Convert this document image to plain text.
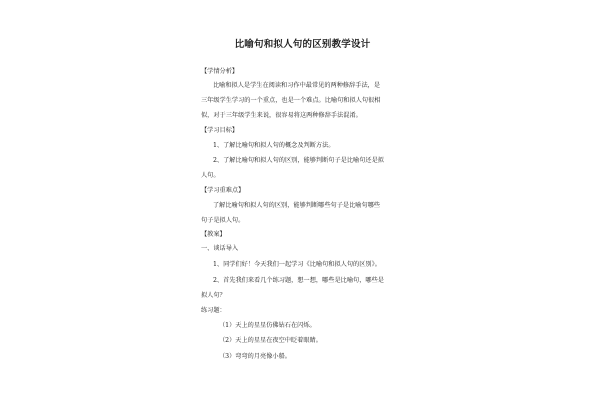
比喻句和拟人句的区别教学设计
【学情分析】
比喻和拟人是学生在阅读和习作中最常见的两种修辞手法，是
三年级学生学习的一个重点，也是一个难点。比喻句和拟人句很相
似，对于三年级学生来说，很容易将这两种修辞手法混淆。
【学习目标】
1、了解比喻句和拟人句的概念及判断方法。
2、了解比喻句和拟人句的区别，能够判断句子是比喻句还是拟
人句。
【学习重难点】
了解比喻句和拟人句的区别，能够判断哪些句子是比喻句哪些
句子是拟人句。
【教案】
一、谈话导入
1、同学们好！今天我们一起学习《比喻句和拟人句的区别》。
2、首先我们来看几个练习题，想一想，哪些是比喻句，哪些是
拟人句？
练习题：
（1）天上的星星仿佛钻石在闪烁。
（2）天上的星星在夜空中眨着眼睛。
（3）弯弯的月亮像小船。
